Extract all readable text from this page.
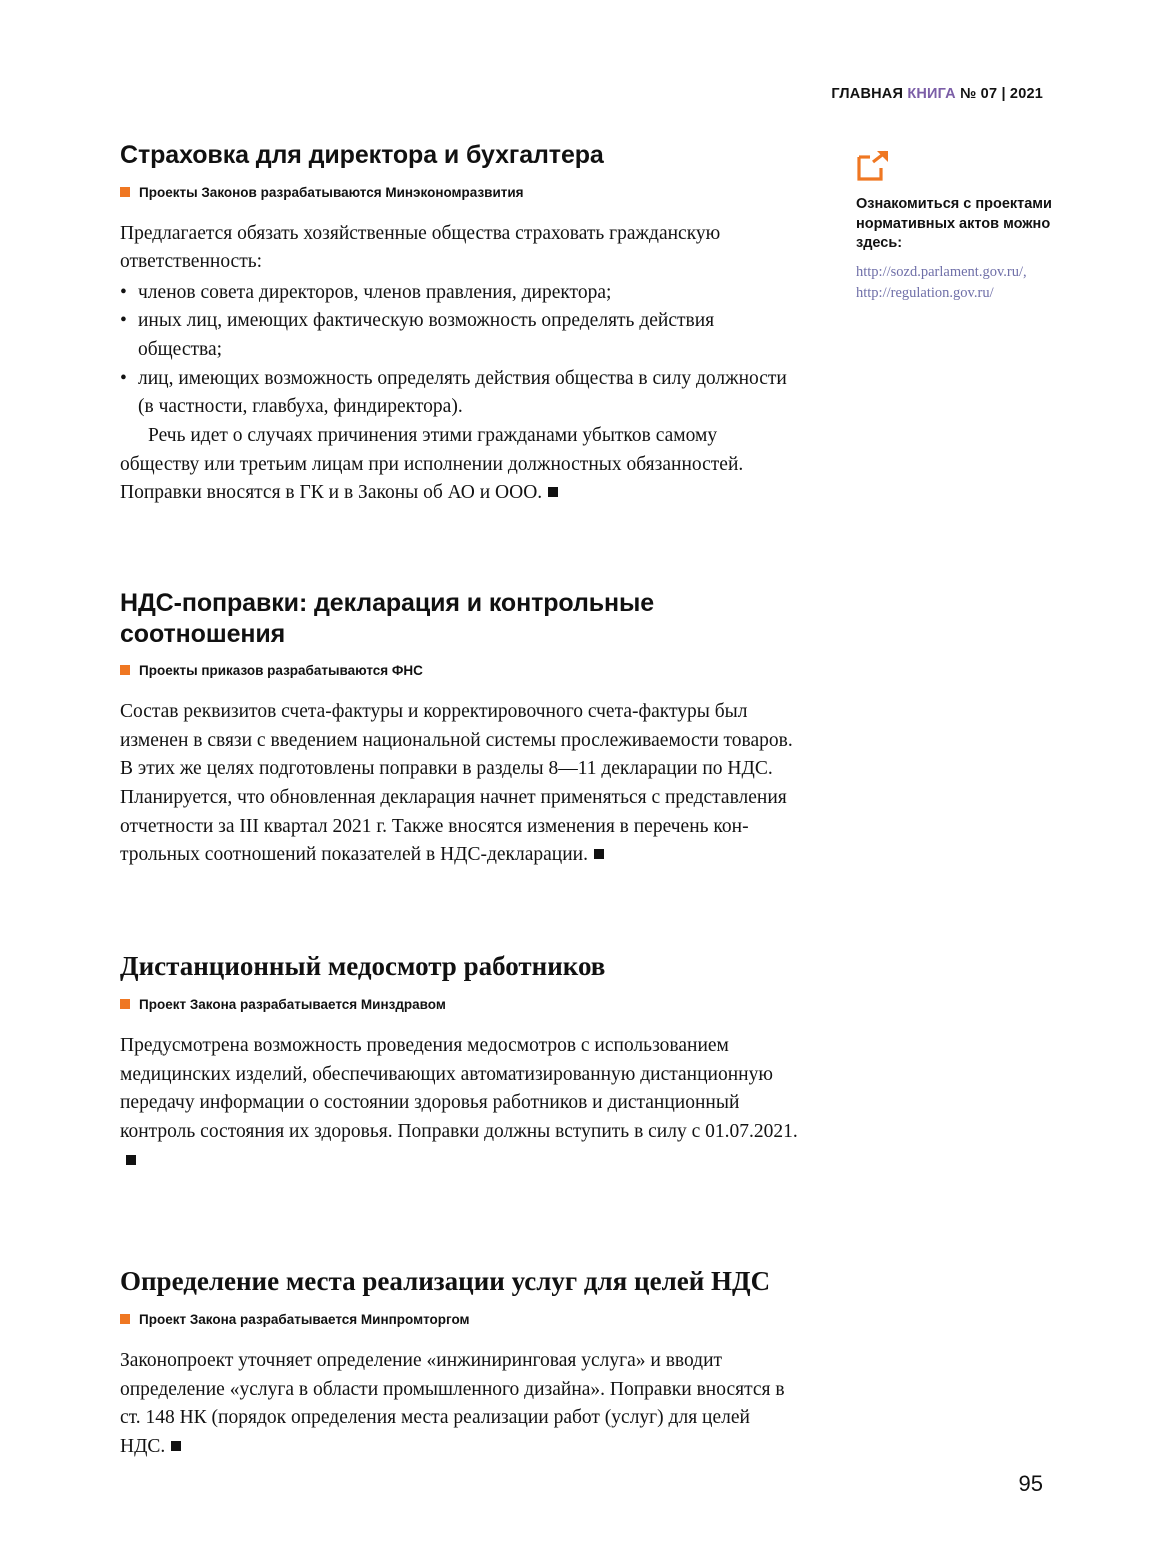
ГЛАВНАЯ КНИГА № 07 | 2021
Страховка для директора и бухгалтера
Проекты Законов разрабатываются Минэкономразвития

Предлагается обязать хозяйственные общества страховать гражданскую ответственность:

• членов совета директоров, членов правления, директора;
• иных лиц, имеющих фактическую возможность определять действия общества;
• лиц, имеющих возможность определять действия общества в силу должности (в частности, главбуха, финдиректора).

Речь идет о случаях причинения этими гражданами убытков самому обществу или третьим лицам при исполнении должностных обязанностей. Поправки вносятся в ГК и в Законы об АО и ООО.

НДС-поправки: декларация и контрольные соотношения
Проекты приказов разрабатываются ФНС

Состав реквизитов счета-фактуры и корректировочного счета-фактуры был изменен в связи с введением национальной системы прослеживаемости товаров. В этих же целях подготовлены поправки в разделы 8—11 декларации по НДС. Планируется, что обновленная декларация начнет применяться с представления отчетности за III квартал 2021 г. Также вносятся изменения в перечень контрольных соотношений показателей в НДС-декларации.

Дистанционный медосмотр работников
Проект Закона разрабатывается Минздравом

Предусмотрена возможность проведения медосмотров с использованием медицинских изделий, обеспечивающих автоматизированную дистанционную передачу информации о состоянии здоровья работников и дистанционный контроль состояния их здоровья. Поправки должны вступить в силу с 01.07.2021.

Определение места реализации услуг для целей НДС
Проект Закона разрабатывается Минпромторгом

Законопроект уточняет определение «инжиниринговая услуга» и вводит определение «услуга в области промышленного дизайна». Поправки вносятся в ст. 148 НК (порядок определения места реализации работ (услуг) для целей НДС.

Ознакомиться с проектами нормативных актов можно здесь:

http://sozd.parlament.gov.ru/,
http://regulation.gov.ru/
95
